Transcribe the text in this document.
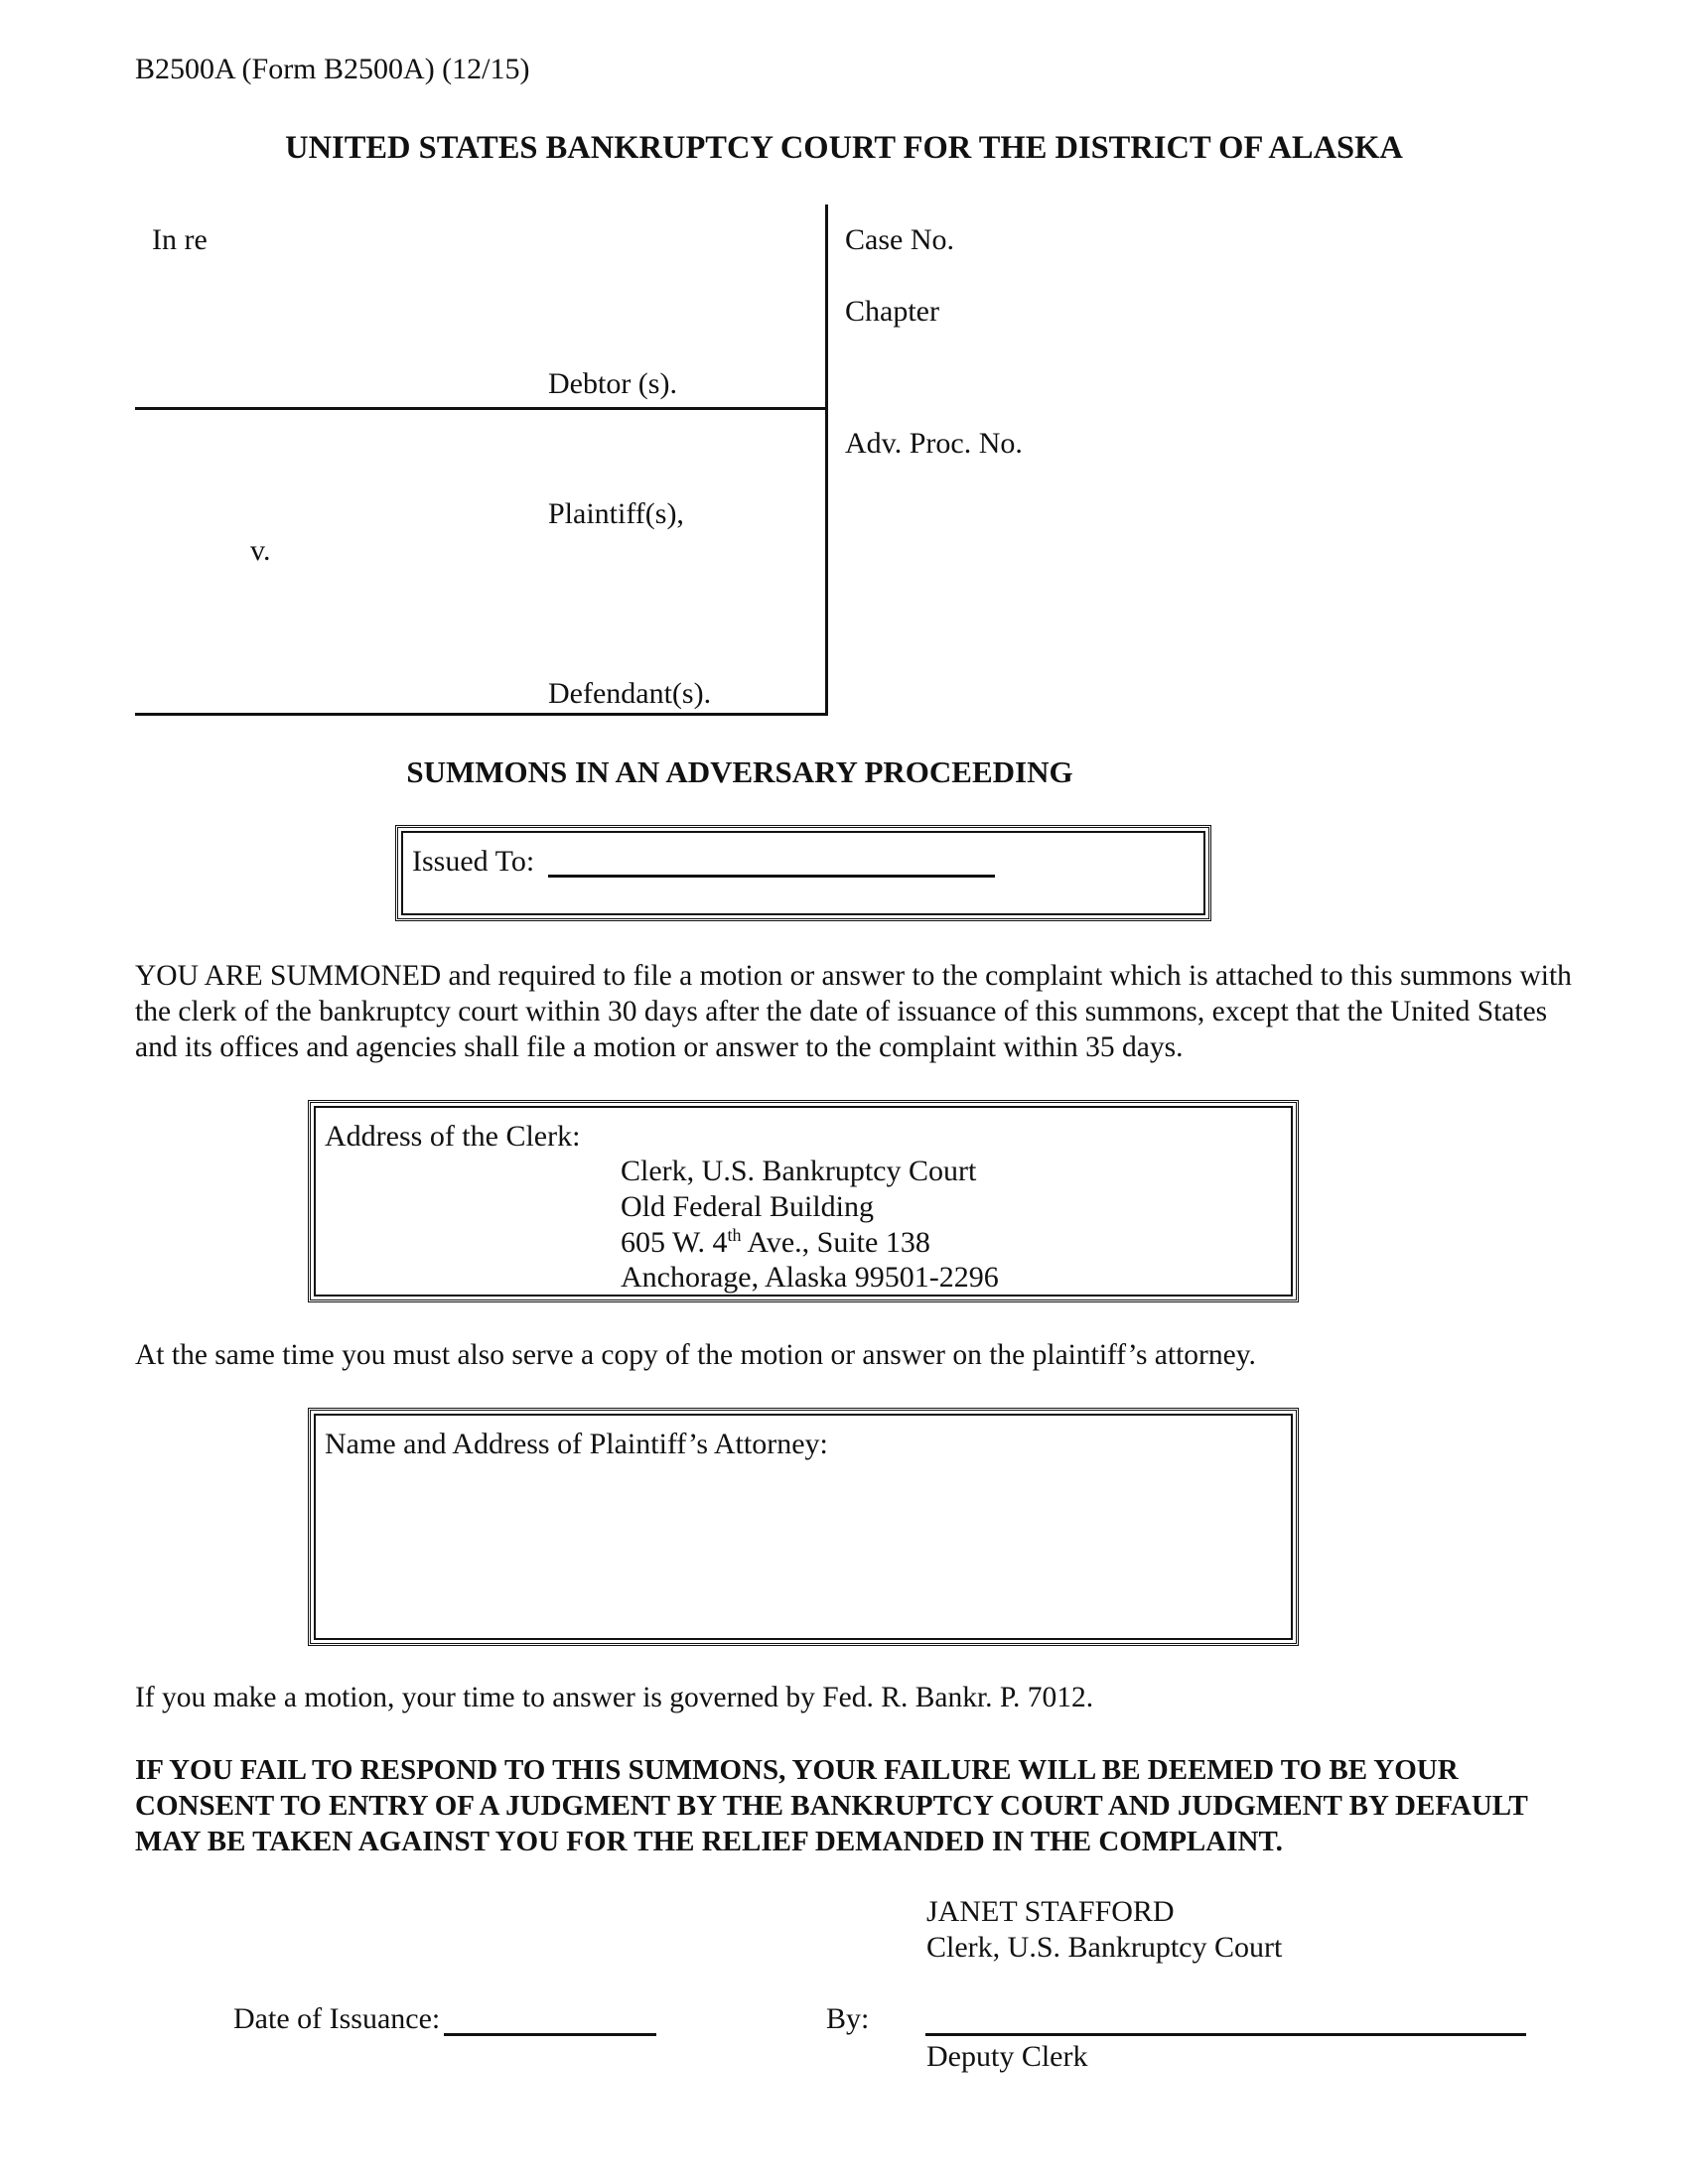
B2500A (Form B2500A) (12/15)
UNITED STATES BANKRUPTCY COURT FOR THE DISTRICT OF ALASKA
In re
Debtor (s).
Plaintiff(s),
v.
Defendant(s).
Case No.
Chapter
Adv. Proc. No.
SUMMONS IN AN ADVERSARY PROCEEDING
Issued To:
YOU ARE SUMMONED and required to file a motion or answer to the complaint which is attached to this summons with the clerk of the bankruptcy court within 30 days after the date of issuance of this summons, except that the United States and its offices and agencies shall file a motion or answer to the complaint within 35 days.
Address of the Clerk:
Clerk, U.S. Bankruptcy Court
Old Federal Building
605 W. 4th Ave., Suite 138
Anchorage, Alaska 99501-2296
At the same time you must also serve a copy of the motion or answer on the plaintiff’s attorney.
Name and Address of Plaintiff’s Attorney:
If you make a motion, your time to answer is governed by Fed. R. Bankr. P. 7012.
IF YOU FAIL TO RESPOND TO THIS SUMMONS, YOUR FAILURE WILL BE DEEMED TO BE YOUR CONSENT TO ENTRY OF A JUDGMENT BY THE BANKRUPTCY COURT AND JUDGMENT BY DEFAULT MAY BE TAKEN AGAINST YOU FOR THE RELIEF DEMANDED IN THE COMPLAINT.
JANET STAFFORD
Clerk, U.S. Bankruptcy Court
Date of Issuance:	By:
Deputy Clerk
